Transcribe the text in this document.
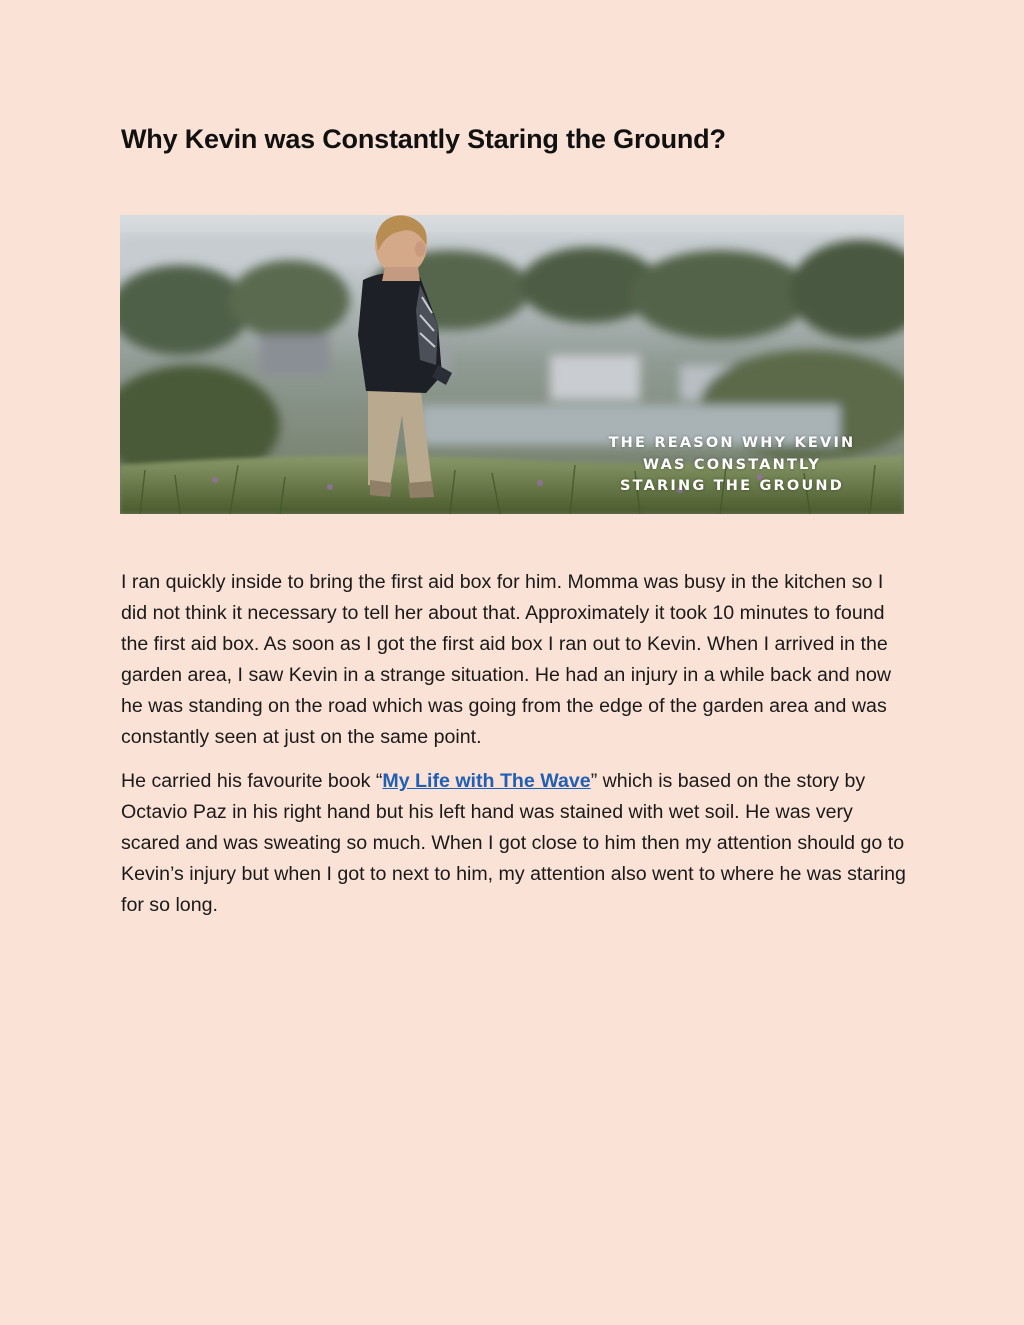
Why Kevin was Constantly Staring the Ground?
THE REASON WHY KEVIN
WAS CONSTANTLY
STARING THE GROUND

I ran quickly inside to bring the first aid box for him. Momma was busy in the kitchen so I did not think it necessary to tell her about that. Approximately it took 10 minutes to found the first aid box. As soon as I got the first aid box I ran out to Kevin. When I arrived in the garden area, I saw Kevin in a strange situation. He had an injury in a while back and now he was standing on the road which was going from the edge of the garden area and was constantly seen at just on the same point.

He carried his favourite book “My Life with The Wave” which is based on the story by Octavio Paz in his right hand but his left hand was stained with wet soil. He was very scared and was sweating so much. When I got close to him then my attention should go to Kevin’s injury but when I got to next to him, my attention also went to where he was staring for so long.
